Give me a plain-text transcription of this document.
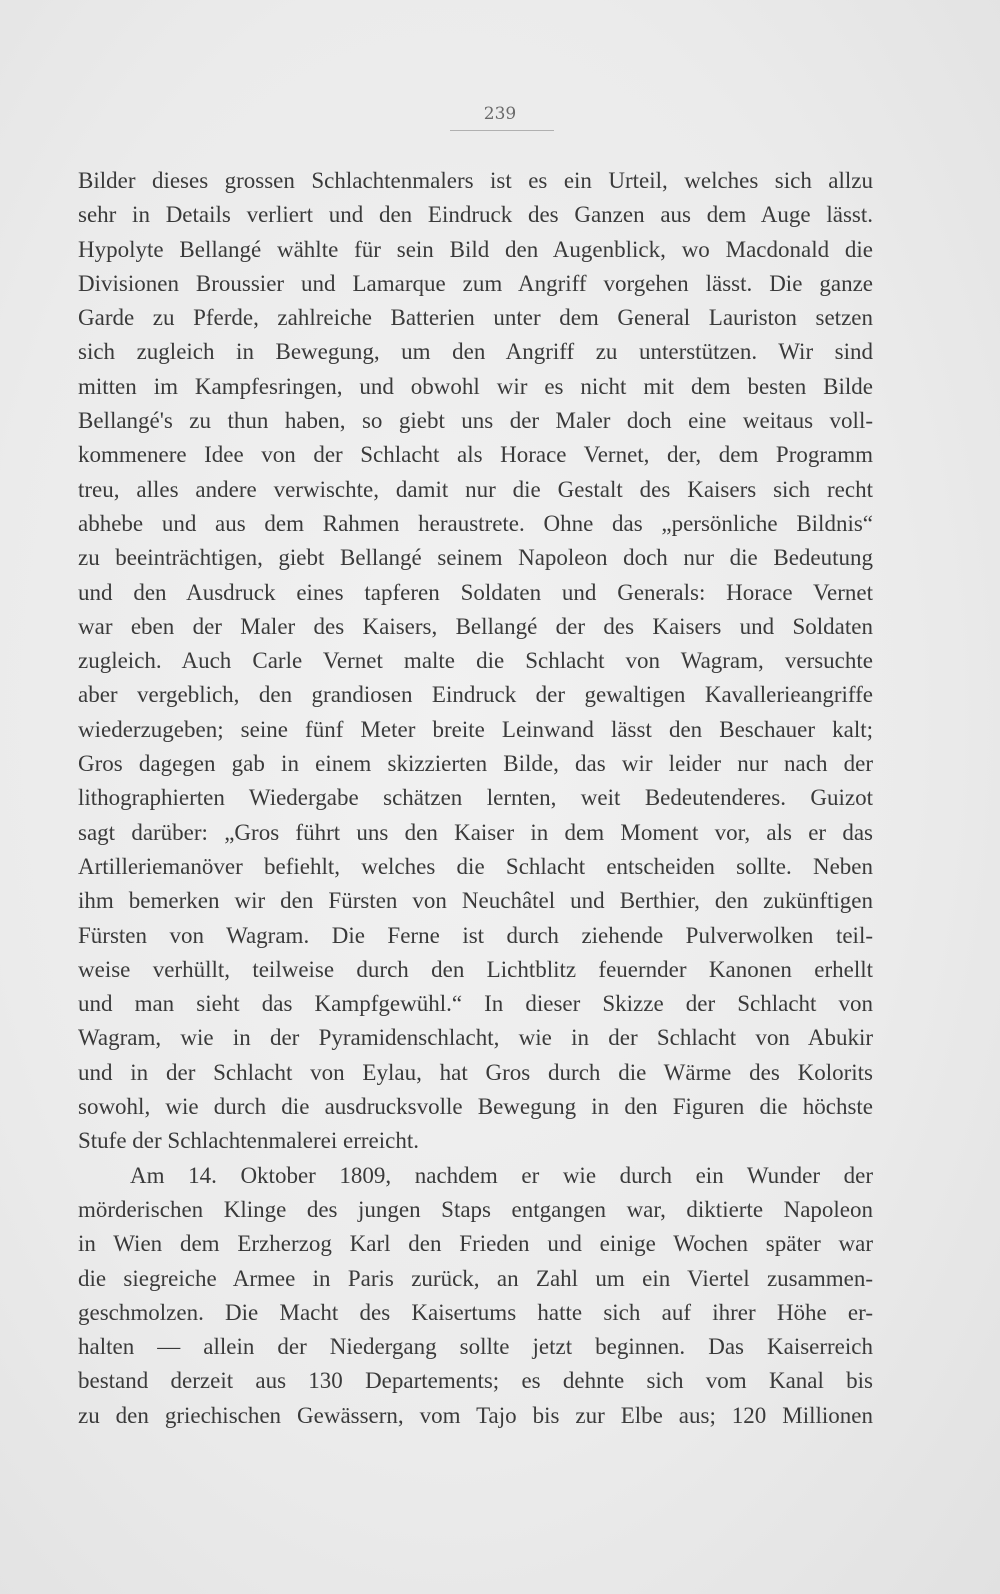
239
Bilder dieses grossen Schlachtenmalers ist es ein Urteil, welches sich allzu
sehr in Details verliert und den Eindruck des Ganzen aus dem Auge lässt.
Hypolyte Bellangé wählte für sein Bild den Augenblick, wo Macdonald die
Divisionen Broussier und Lamarque zum Angriff vorgehen lässt. Die ganze
Garde zu Pferde, zahlreiche Batterien unter dem General Lauriston setzen
sich zugleich in Bewegung, um den Angriff zu unterstützen. Wir sind
mitten im Kampfesringen, und obwohl wir es nicht mit dem besten Bilde
Bellangé's zu thun haben, so giebt uns der Maler doch eine weitaus voll-
kommenere Idee von der Schlacht als Horace Vernet, der, dem Programm
treu, alles andere verwischte, damit nur die Gestalt des Kaisers sich recht
abhebe und aus dem Rahmen heraustrete. Ohne das „persönliche Bildnis“
zu beeinträchtigen, giebt Bellangé seinem Napoleon doch nur die Bedeutung
und den Ausdruck eines tapferen Soldaten und Generals: Horace Vernet
war eben der Maler des Kaisers, Bellangé der des Kaisers und Soldaten
zugleich. Auch Carle Vernet malte die Schlacht von Wagram, versuchte
aber vergeblich, den grandiosen Eindruck der gewaltigen Kavallerieangriffe
wiederzugeben; seine fünf Meter breite Leinwand lässt den Beschauer kalt;
Gros dagegen gab in einem skizzierten Bilde, das wir leider nur nach der
lithographierten Wiedergabe schätzen lernten, weit Bedeutenderes. Guizot
sagt darüber: „Gros führt uns den Kaiser in dem Moment vor, als er das
Artilleriemanöver befiehlt, welches die Schlacht entscheiden sollte. Neben
ihm bemerken wir den Fürsten von Neuchâtel und Berthier, den zukünftigen
Fürsten von Wagram. Die Ferne ist durch ziehende Pulverwolken teil-
weise verhüllt, teilweise durch den Lichtblitz feuernder Kanonen erhellt
und man sieht das Kampfgewühl.“ In dieser Skizze der Schlacht von
Wagram, wie in der Pyramidenschlacht, wie in der Schlacht von Abukir
und in der Schlacht von Eylau, hat Gros durch die Wärme des Kolorits
sowohl, wie durch die ausdrucksvolle Bewegung in den Figuren die höchste
Stufe der Schlachtenmalerei erreicht.
Am 14. Oktober 1809, nachdem er wie durch ein Wunder der
mörderischen Klinge des jungen Staps entgangen war, diktierte Napoleon
in Wien dem Erzherzog Karl den Frieden und einige Wochen später war
die siegreiche Armee in Paris zurück, an Zahl um ein Viertel zusammen-
geschmolzen. Die Macht des Kaisertums hatte sich auf ihrer Höhe er-
halten — allein der Niedergang sollte jetzt beginnen. Das Kaiserreich
bestand derzeit aus 130 Departements; es dehnte sich vom Kanal bis
zu den griechischen Gewässern, vom Tajo bis zur Elbe aus; 120 Millionen
